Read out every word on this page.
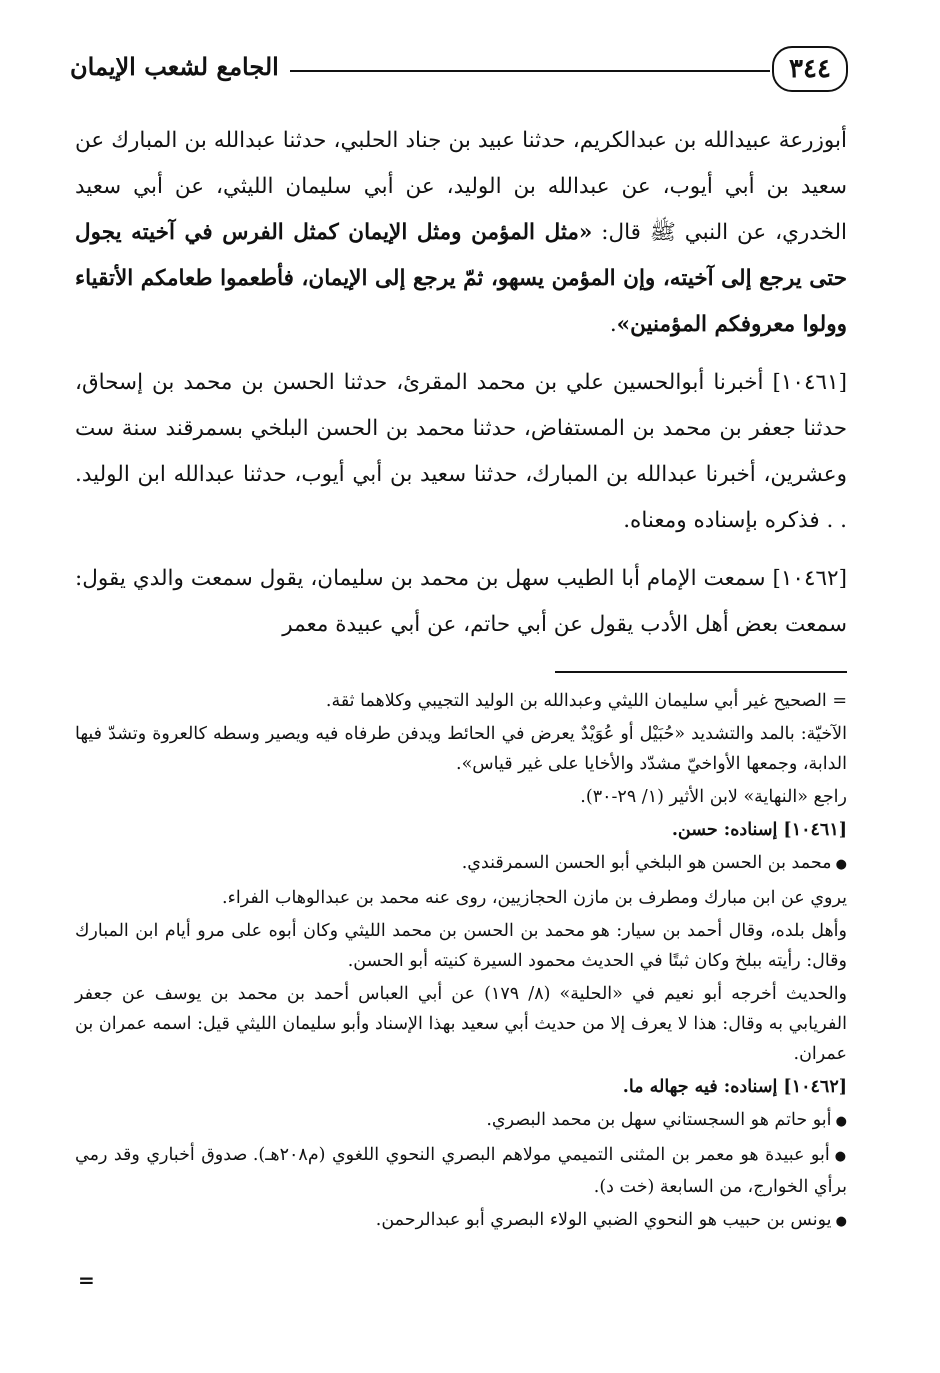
٣٤٤
الجامع لشعب الإيمان

أبوزرعة عبيدالله بن عبدالكريم، حدثنا عبيد بن جناد الحلبي، حدثنا عبدالله بن المبارك عن سعيد بن أبي أيوب، عن عبدالله بن الوليد، عن أبي سليمان الليثي، عن أبي سعيد الخدري، عن النبي ﷺ قال: «مثل المؤمن ومثل الإيمان كمثل الفرس في آخيته يجول حتى يرجع إلى آخيته، وإن المؤمن يسهو، ثمّ يرجع إلى الإيمان، فأطعموا طعامكم الأتقياء وولوا معروفكم المؤمنين».

[١٠٤٦١] أخبرنا أبوالحسين علي بن محمد المقرئ، حدثنا الحسن بن محمد بن إسحاق، حدثنا جعفر بن محمد بن المستفاض، حدثنا محمد بن الحسن البلخي بسمرقند سنة ست وعشرين، أخبرنا عبدالله بن المبارك، حدثنا سعيد بن أبي أيوب، حدثنا عبدالله ابن الوليد. . . فذكره بإسناده ومعناه.

[١٠٤٦٢] سمعت الإمام أبا الطيب سهل بن محمد بن سليمان، يقول سمعت والدي يقول: سمعت بعض أهل الأدب يقول عن أبي حاتم، عن أبي عبيدة معمر

= الصحيح غير أبي سليمان الليثي وعبدالله بن الوليد التجيبي وكلاهما ثقة.

الآخيّة: بالمد والتشديد «حُبَيْل أو عُوَيْدٌ يعرض في الحائط ويدفن طرفاه فيه ويصير وسطه كالعروة وتشدّ فيها الدابة، وجمعها الأواخيّ مشدّد والأخايا على غير قياس».

راجع «النهاية» لابن الأثير (١/ ٢٩-٣٠).

[١٠٤٦١] إسناده: حسن.

● محمد بن الحسن هو البلخي أبو الحسن السمرقندي.

يروي عن ابن مبارك ومطرف بن مازن الحجازيين، روى عنه محمد بن عبدالوهاب الفراء.

وأهل بلده، وقال أحمد بن سيار: هو محمد بن الحسن بن محمد الليثي وكان أبوه على مرو أيام ابن المبارك وقال: رأيته ببلخ وكان ثبتًا في الحديث محمود السيرة كنيته أبو الحسن.

والحديث أخرجه أبو نعيم في «الحلية» (٨/ ١٧٩) عن أبي العباس أحمد بن محمد بن يوسف عن جعفر الفريابي به وقال: هذا لا يعرف إلا من حديث أبي سعيد بهذا الإسناد وأبو سليمان الليثي قيل: اسمه عمران بن عمران.

[١٠٤٦٢] إسناده: فيه جهاله ما.

● أبو حاتم هو السجستاني سهل بن محمد البصري.

● أبو عبيدة هو معمر بن المثنى التميمي مولاهم البصري النحوي اللغوي (م٢٠٨هـ). صدوق أخباري وقد رمي برأي الخوارج، من السابعة (خت د).

● يونس بن حبيب هو النحوي الضبي الولاء البصري أبو عبدالرحمن.

=
